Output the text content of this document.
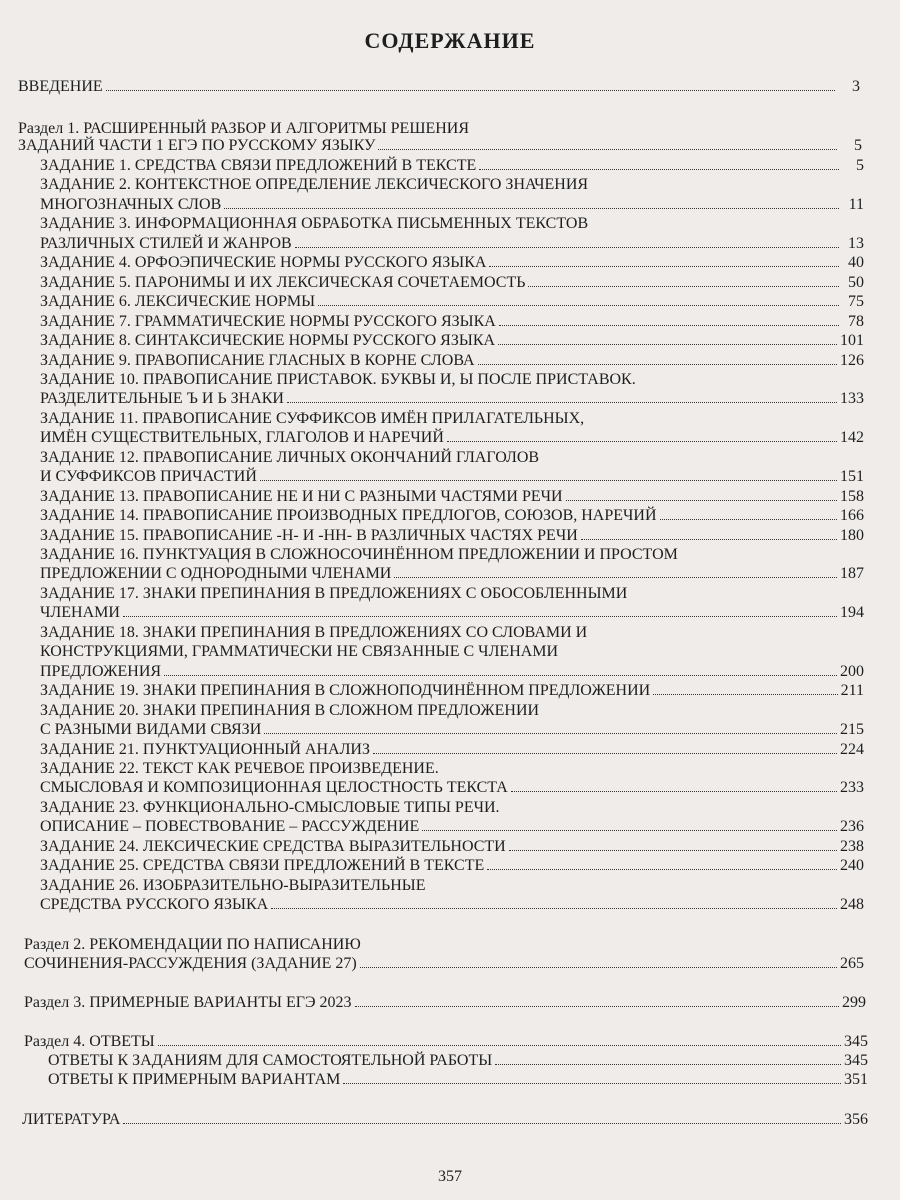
СОДЕРЖАНИЕ
ВВЕДЕНИЕ	3
Раздел 1. РАСШИРЕННЫЙ РАЗБОР И АЛГОРИТМЫ РЕШЕНИЯ
ЗАДАНИЙ ЧАСТИ 1 ЕГЭ ПО РУССКОМУ ЯЗЫКУ	5
ЗАДАНИЕ 1. СРЕДСТВА СВЯЗИ ПРЕДЛОЖЕНИЙ В ТЕКСТЕ	5
ЗАДАНИЕ 2. КОНТЕКСТНОЕ ОПРЕДЕЛЕНИЕ ЛЕКСИЧЕСКОГО ЗНАЧЕНИЯ
МНОГОЗНАЧНЫХ СЛОВ	11
ЗАДАНИЕ 3. ИНФОРМАЦИОННАЯ ОБРАБОТКА ПИСЬМЕННЫХ ТЕКСТОВ
РАЗЛИЧНЫХ СТИЛЕЙ И ЖАНРОВ	13
ЗАДАНИЕ 4. ОРФОЭПИЧЕСКИЕ НОРМЫ РУССКОГО ЯЗЫКА	40
ЗАДАНИЕ 5. ПАРОНИМЫ И ИХ ЛЕКСИЧЕСКАЯ СОЧЕТАЕМОСТЬ	50
ЗАДАНИЕ 6. ЛЕКСИЧЕСКИЕ НОРМЫ	75
ЗАДАНИЕ 7. ГРАММАТИЧЕСКИЕ НОРМЫ РУССКОГО ЯЗЫКА	78
ЗАДАНИЕ 8. СИНТАКСИЧЕСКИЕ НОРМЫ РУССКОГО ЯЗЫКА	101
ЗАДАНИЕ 9. ПРАВОПИСАНИЕ ГЛАСНЫХ В КОРНЕ СЛОВА	126
ЗАДАНИЕ 10. ПРАВОПИСАНИЕ ПРИСТАВОК. БУКВЫ И, Ы ПОСЛЕ ПРИСТАВОК.
РАЗДЕЛИТЕЛЬНЫЕ Ъ И Ь ЗНАКИ	133
ЗАДАНИЕ 11. ПРАВОПИСАНИЕ СУФФИКСОВ ИМЁН ПРИЛАГАТЕЛЬНЫХ,
ИМЁН СУЩЕСТВИТЕЛЬНЫХ, ГЛАГОЛОВ И НАРЕЧИЙ	142
ЗАДАНИЕ 12. ПРАВОПИСАНИЕ ЛИЧНЫХ ОКОНЧАНИЙ ГЛАГОЛОВ
И СУФФИКСОВ ПРИЧАСТИЙ	151
ЗАДАНИЕ 13. ПРАВОПИСАНИЕ НЕ И НИ С РАЗНЫМИ ЧАСТЯМИ РЕЧИ	158
ЗАДАНИЕ 14. ПРАВОПИСАНИЕ ПРОИЗВОДНЫХ ПРЕДЛОГОВ, СОЮЗОВ, НАРЕЧИЙ	166
ЗАДАНИЕ 15. ПРАВОПИСАНИЕ -Н- И -НН- В РАЗЛИЧНЫХ ЧАСТЯХ РЕЧИ	180
ЗАДАНИЕ 16. ПУНКТУАЦИЯ В СЛОЖНОСОЧИНЁННОМ ПРЕДЛОЖЕНИИ И ПРОСТОМ
ПРЕДЛОЖЕНИИ С ОДНОРОДНЫМИ ЧЛЕНАМИ	187
ЗАДАНИЕ 17. ЗНАКИ ПРЕПИНАНИЯ В ПРЕДЛОЖЕНИЯХ С ОБОСОБЛЕННЫМИ
ЧЛЕНАМИ	194
ЗАДАНИЕ 18. ЗНАКИ ПРЕПИНАНИЯ В ПРЕДЛОЖЕНИЯХ СО СЛОВАМИ И
КОНСТРУКЦИЯМИ, ГРАММАТИЧЕСКИ НЕ СВЯЗАННЫЕ С ЧЛЕНАМИ
ПРЕДЛОЖЕНИЯ	200
ЗАДАНИЕ 19. ЗНАКИ ПРЕПИНАНИЯ В СЛОЖНОПОДЧИНЁННОМ ПРЕДЛОЖЕНИИ	211
ЗАДАНИЕ 20. ЗНАКИ ПРЕПИНАНИЯ В СЛОЖНОМ ПРЕДЛОЖЕНИИ
С РАЗНЫМИ ВИДАМИ СВЯЗИ	215
ЗАДАНИЕ 21. ПУНКТУАЦИОННЫЙ АНАЛИЗ	224
ЗАДАНИЕ 22. ТЕКСТ КАК РЕЧЕВОЕ ПРОИЗВЕДЕНИЕ.
СМЫСЛОВАЯ И КОМПОЗИЦИОННАЯ ЦЕЛОСТНОСТЬ ТЕКСТА	233
ЗАДАНИЕ 23. ФУНКЦИОНАЛЬНО-СМЫСЛОВЫЕ ТИПЫ РЕЧИ.
ОПИСАНИЕ – ПОВЕСТВОВАНИЕ – РАССУЖДЕНИЕ	236
ЗАДАНИЕ 24. ЛЕКСИЧЕСКИЕ СРЕДСТВА ВЫРАЗИТЕЛЬНОСТИ	238
ЗАДАНИЕ 25. СРЕДСТВА СВЯЗИ ПРЕДЛОЖЕНИЙ В ТЕКСТЕ	240
ЗАДАНИЕ 26. ИЗОБРАЗИТЕЛЬНО-ВЫРАЗИТЕЛЬНЫЕ
СРЕДСТВА РУССКОГО ЯЗЫКА	248
Раздел 2. РЕКОМЕНДАЦИИ ПО НАПИСАНИЮ
СОЧИНЕНИЯ-РАССУЖДЕНИЯ (ЗАДАНИЕ 27)	265
Раздел 3. ПРИМЕРНЫЕ ВАРИАНТЫ ЕГЭ 2023	299
Раздел 4. ОТВЕТЫ	345
ОТВЕТЫ К ЗАДАНИЯМ ДЛЯ САМОСТОЯТЕЛЬНОЙ РАБОТЫ	345
ОТВЕТЫ К ПРИМЕРНЫМ ВАРИАНТАМ	351
ЛИТЕРАТУРА	356
357
